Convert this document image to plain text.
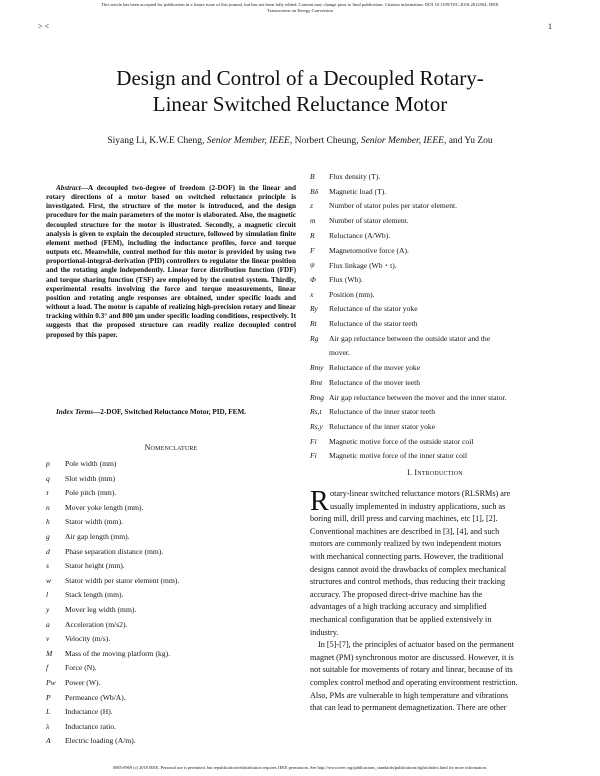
This article has been accepted for publication in a future issue of this journal, but has not been fully edited. Content may change prior to final publication. Citation information: DOI 10.1109/TEC.2018.2812504, IEEE
Transactions on Energy Conversion
> <	1
Design and Control of a Decoupled Rotary-
Linear Switched Reluctance Motor
Siyang Li, K.W.E Cheng, Senior Member, IEEE, Norbert Cheung, Senior Member, IEEE, and Yu Zou
Abstract—A decoupled two-degree of freedom (2-DOF) in the linear and rotary directions of a motor based on switched reluctance principle is investigated. First, the structure of the motor is introduced, and the design procedure for the main parameters of the motor is elaborated. Also, the magnetic decoupled structure for the motor is illustrated. Secondly, a magnetic circuit analysis is given to explain the decoupled structure, followed by simulation finite element method (FEM), including the inductance profiles, force and torque outputs etc. Meanwhile, control method for this motor is provided by using two proportional-integral-derivation (PID) controllers to regulator the linear position and the rotating angle independently. Linear force distribution function (FDF) and torque sharing function (TSF) are employed by the control system. Thirdly, experimental results involving the force and torque measurements, linear position and rotating angle responses are obtained, under specific loads and without a load. The motor is capable of realizing high-precision rotary and linear tracking within 0.3° and 800 μm under specific loading conditions, respectively. It suggests that the proposed structure can readily realize decoupled control proposed by this paper.
Index Terms—2-DOF, Switched Reluctance Motor, PID, FEM.
Nomenclature
p Pole width (mm)
q Slot width (mm)
τ Pole pitch (mm).
n Mover yoke length (mm).
h Stator width (mm).
g Air gap length (mm).
d Phase separation distance (mm).
s Stator height (mm).
w Stator width per stator element (mm).
l Stack length (mm).
y Mover leg width (mm).
a Acceleration (m/s2).
v Velocity (m/s).
M Mass of the moving platform (kg).
f Force (N).
Pw Power (W).
P Permeance (Wb/A).
L Inductance (H).
λ Inductance ratio.
A Electric loading (A/m).
B Flux density (T).
Bδ Magnetic load (T).
z Number of stator poles per stator element.
m Number of stator element.
R Reluctance (A/Wb).
F Magnetomotive force (A).
ψ Flux linkage (Wb・t).
Φ Flux (Wb).
x Position (mm).
Ry Reluctance of the stator yoke
Rt Reluctance of the stator teeth
Rg Air gap reluctance between the outside stator and the
mover.
Rmy Reluctance of the mover yoke
Rmt Reluctance of the mover teeth
Rmg Air gap reluctance between the mover and the inner stator.
Rs,t Reluctance of the inner stator teeth
Rs,y Reluctance of the inner stator yoke
Fi Magnetic motive force of the outside stator coil
Fi Magnetic motive force of the inner stator coil
I. Introduction
R otary-linear switched reluctance motors (RLSRMs) are
usually implemented in industry applications, such as
boring mill, drill press and carving machines, etc [1], [2].
Conventional machines are described in [3], [4], and such
motors are commonly realized by two independent motors
with mechanical connecting parts. However, the traditional
designs cannot avoid the drawbacks of complex mechanical
structures and control methods, thus reducing their tracking
accuracy. The proposed direct-drive machine has the
advantages of a high tracking accuracy and simplified
mechanical configuration that be applied extensively in
industry.
In [5]-[7], the principles of actuator based on the permanent
magnet (PM) synchronous motor are discussed. However, it is
not suitable for movements of rotary and linear, because of its
complex control method and operating environment restriction.
Also, PMs are vulnerable to high temperature and vibrations
that can lead to permanent demagnetization. There are other
0885-8969 (c) 2018 IEEE. Personal use is permitted, but republication/redistribution requires IEEE permission. See http://www.ieee.org/publications_standards/publications/rights/index.html for more information.
